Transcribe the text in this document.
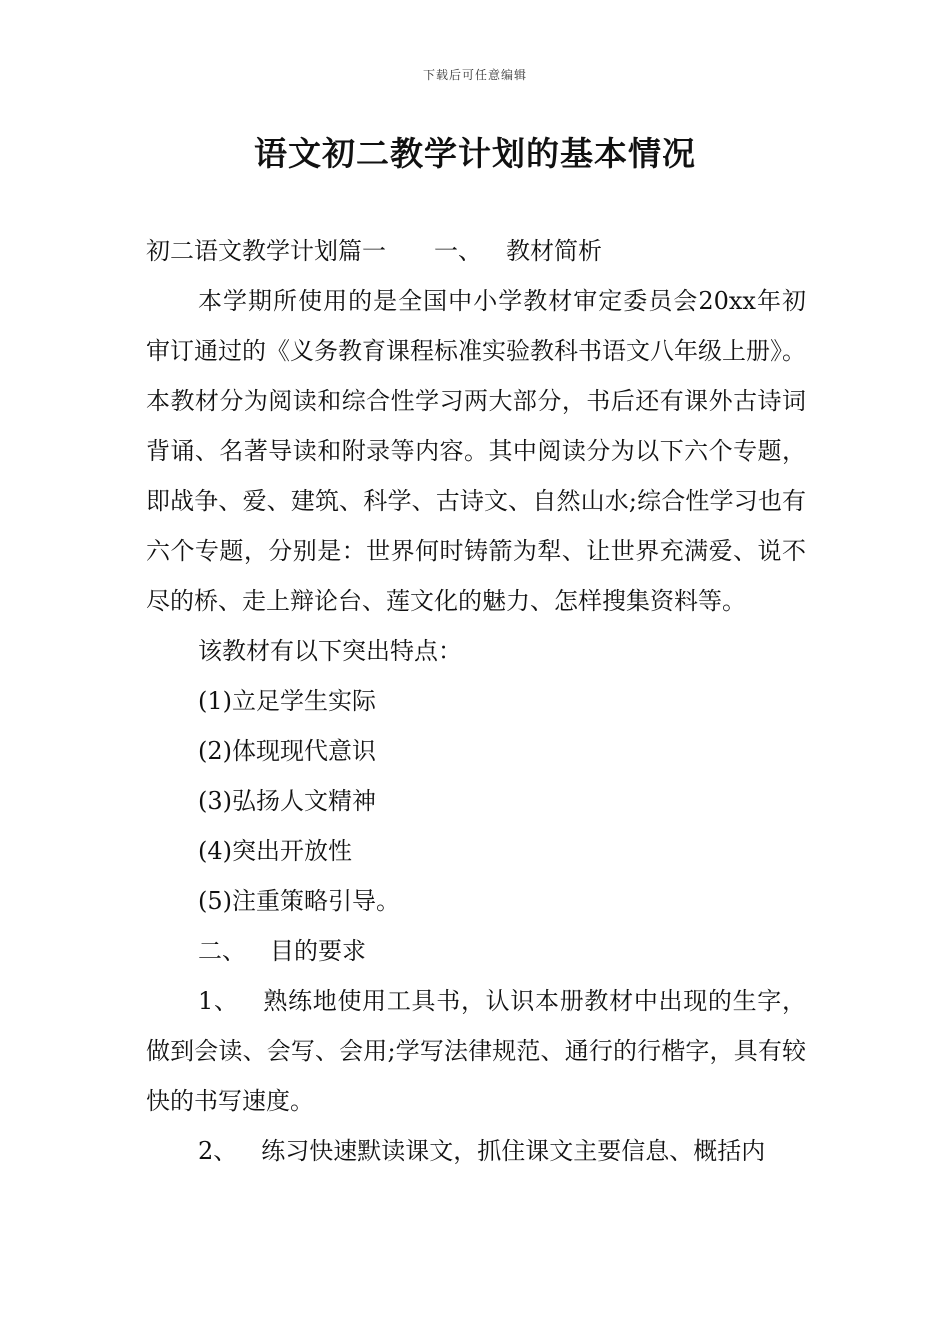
下载后可任意编辑
语文初二教学计划的基本情况

初二语文教学计划篇一 一、 教材简析

本学期所使用的是全国中小学教材审定委员会20xx年初审订通过的《义务教育课程标准实验教科书语文八年级上册》。本教材分为阅读和综合性学习两大部分，书后还有课外古诗词背诵、名著导读和附录等内容。其中阅读分为以下六个专题，即战争、爱、建筑、科学、古诗文、自然山水;综合性学习也有六个专题，分别是：世界何时铸箭为犁、让世界充满爱、说不尽的桥、走上辩论台、莲文化的魅力、怎样搜集资料等。

该教材有以下突出特点：

(1)立足学生实际

(2)体现现代意识

(3)弘扬人文精神

(4)突出开放性

(5)注重策略引导。

二、 目的要求

1、 熟练地使用工具书，认识本册教材中出现的生字，做到会读、会写、会用;学写法律规范、通行的行楷字，具有较快的书写速度。

2、 练习快速默读课文，抓住课文主要信息、概括内
